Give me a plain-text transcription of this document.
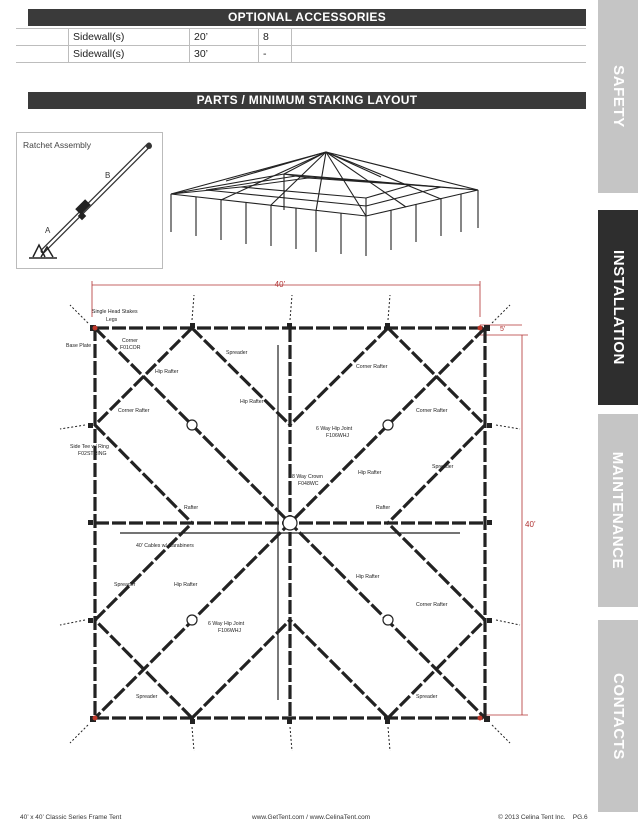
OPTIONAL ACCESSORIES
	Sidewall(s)	20’	8	
	Sidewall(s)	30’	-	
PARTS / MINIMUM STAKING LAYOUT	SAFETY
INSTALLATION
MAINTENANCE
CONTACTS
Ratchet Assembly
A
B
40’
40’
5’
Single Head Stakes
Legs
Base Plate
Corner
F01COR
Spreader
Hip Rafter
Corner Rafter
Hip Rafter
Corner Rafter	Corner Rafter
Side Tee w/ Ring
F02STRING
6 Way Hip Joint
F106WHJ
Spreader
8 Way Crown
F048WC
Hip Rafter
Rafter	Rafter
40' Cables w/ Carabiners
Hip Rafter
Spreader	Hip Rafter
Corner Rafter
6 Way Hip Joint
F106WHJ
Spreader	Spreader
40’ x 40’ Classic Series Frame Tent	www.GetTent.com / www.CelinaTent.com	© 2013 Celina Tent Inc.    PG.6
